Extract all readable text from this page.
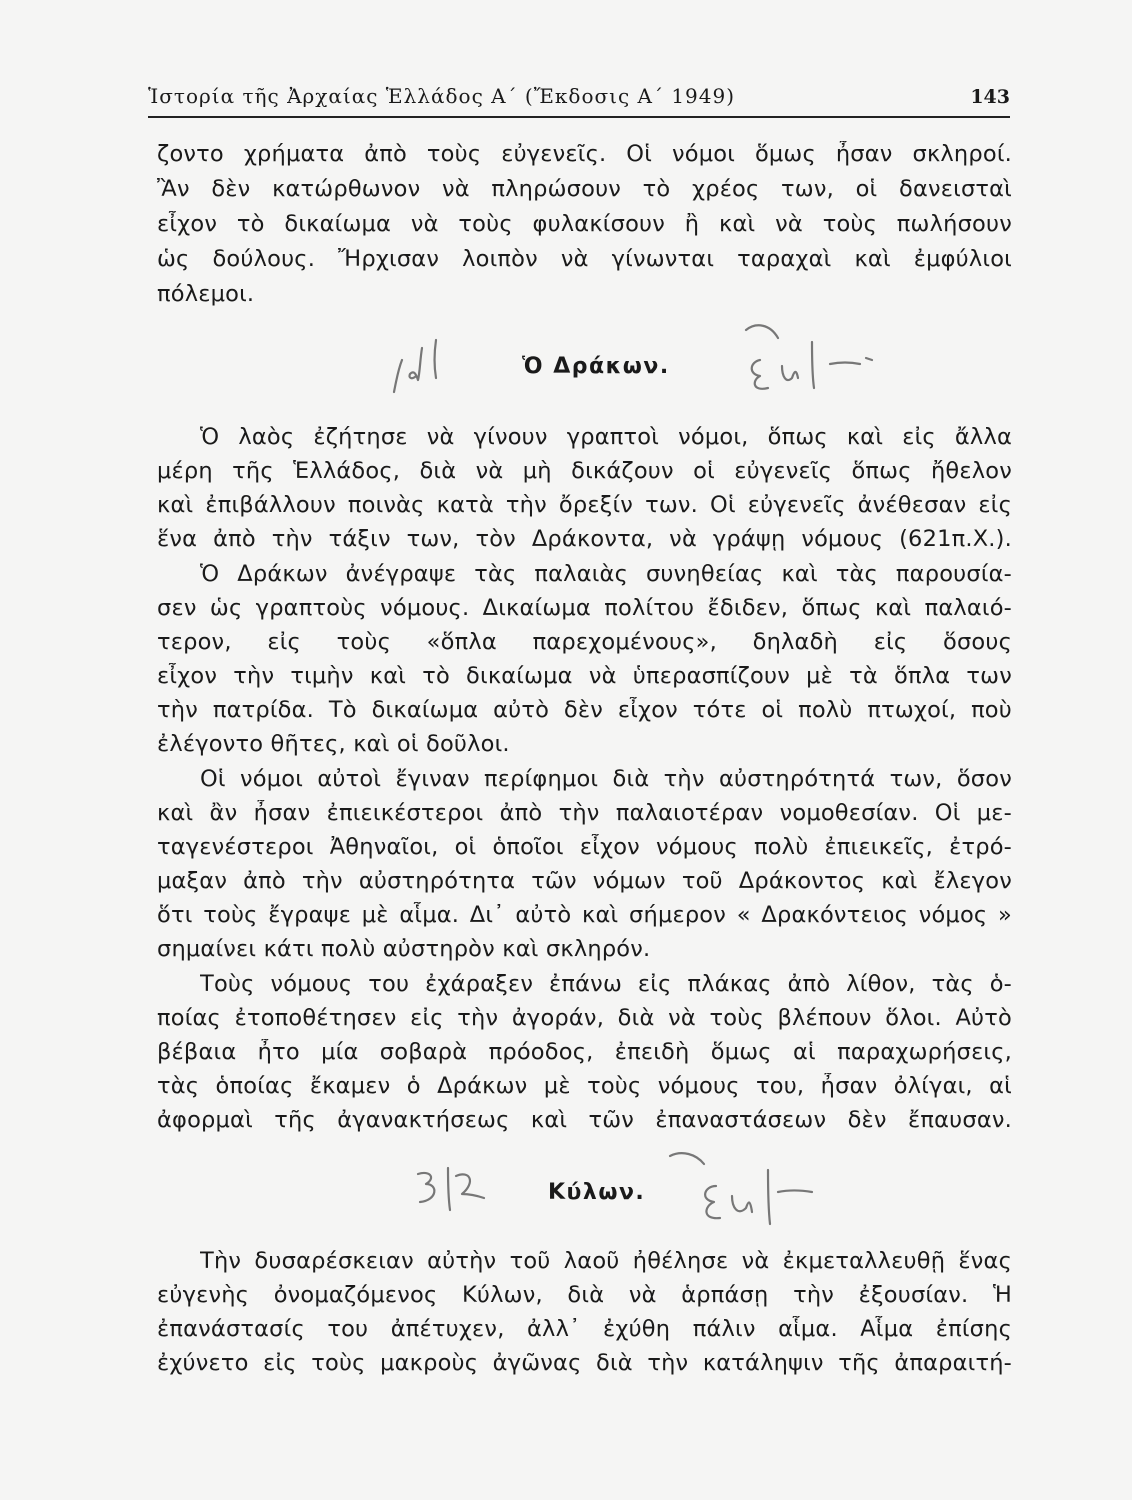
Ἱστορία τῆς Ἀρχαίας Ἑλλάδος Α΄ (Ἔκδοσις Α΄ 1949)	143
ζοντο χρήματα ἀπὸ τοὺς εὐγενεῖς. Οἱ νόμοι ὅμως ἦσαν σκληροί.
Ἂν δὲν κατώρθωνον νὰ πληρώσουν τὸ χρέος των, οἱ δανεισταὶ
εἶχον τὸ δικαίωμα νὰ τοὺς φυλακίσουν ἢ καὶ νὰ τοὺς πωλήσουν
ὡς δούλους. Ἤρχισαν λοιπὸν νὰ γίνωνται ταραχαὶ καὶ ἐμφύλιοι
πόλεμοι.
Ὁ Δράκων.
Ὁ λαὸς ἐζήτησε νὰ γίνουν γραπτοὶ νόμοι, ὅπως καὶ εἰς ἄλλα
μέρη τῆς Ἑλλάδος, διὰ νὰ μὴ δικάζουν οἱ εὐγενεῖς ὅπως ἤθελον
καὶ ἐπιβάλλουν ποινὰς κατὰ τὴν ὄρεξίν των. Οἱ εὐγενεῖς ἀνέθεσαν εἰς
ἕνα ἀπὸ τὴν τάξιν των, τὸν Δράκοντα, νὰ γράψῃ νόμους (621π.Χ.).
Ὁ Δράκων ἀνέγραψε τὰς παλαιὰς συνηθείας καὶ τὰς παρουσία-
σεν ὡς γραπτοὺς νόμους. Δικαίωμα πολίτου ἔδιδεν, ὅπως καὶ παλαιό-
τερον, εἰς τοὺς «ὅπλα παρεχομένους», δηλαδὴ εἰς ὅσους
εἶχον τὴν τιμὴν καὶ τὸ δικαίωμα νὰ ὑπερασπίζουν μὲ τὰ ὅπλα των
τὴν πατρίδα. Τὸ δικαίωμα αὐτὸ δὲν εἶχον τότε οἱ πολὺ πτωχοί, ποὺ
ἐλέγοντο θῆτες, καὶ οἱ δοῦλοι.
Οἱ νόμοι αὐτοὶ ἔγιναν περίφημοι διὰ τὴν αὐστηρότητά των, ὅσον
καὶ ἂν ἦσαν ἐπιεικέστεροι ἀπὸ τὴν παλαιοτέραν νομοθεσίαν. Οἱ με-
ταγενέστεροι Ἀθηναῖοι, οἱ ὁποῖοι εἶχον νόμους πολὺ ἐπιεικεῖς, ἐτρό-
μαξαν ἀπὸ τὴν αὐστηρότητα τῶν νόμων τοῦ Δράκοντος καὶ ἔλεγον
ὅτι τοὺς ἔγραψε μὲ αἷμα. Δι᾽ αὐτὸ καὶ σήμερον « Δρακόντειος νόμος »
σημαίνει κάτι πολὺ αὐστηρὸν καὶ σκληρόν.
Τοὺς νόμους του ἐχάραξεν ἐπάνω εἰς πλάκας ἀπὸ λίθον, τὰς ὁ-
ποίας ἐτοποθέτησεν εἰς τὴν ἀγοράν, διὰ νὰ τοὺς βλέπουν ὅλοι. Αὐτὸ
βέβαια ἦτο μία σοβαρὰ πρόοδος, ἐπειδὴ ὅμως αἱ παραχωρήσεις,
τὰς ὁποίας ἔκαμεν ὁ Δράκων μὲ τοὺς νόμους του, ἦσαν ὀλίγαι, αἱ
ἀφορμαὶ τῆς ἀγανακτήσεως καὶ τῶν ἐπαναστάσεων δὲν ἔπαυσαν.
Κύλων.
Τὴν δυσαρέσκειαν αὐτὴν τοῦ λαοῦ ἠθέλησε νὰ ἐκμεταλλευθῇ ἕνας
εὐγενὴς ὀνομαζόμενος Κύλων, διὰ νὰ ἁρπάσῃ τὴν ἐξουσίαν. Ἡ
ἐπανάστασίς του ἀπέτυχεν, ἀλλ᾽ ἐχύθη πάλιν αἷμα. Αἷμα ἐπίσης
ἐχύνετο εἰς τοὺς μακροὺς ἀγῶνας διὰ τὴν κατάληψιν τῆς ἀπαραιτή-
